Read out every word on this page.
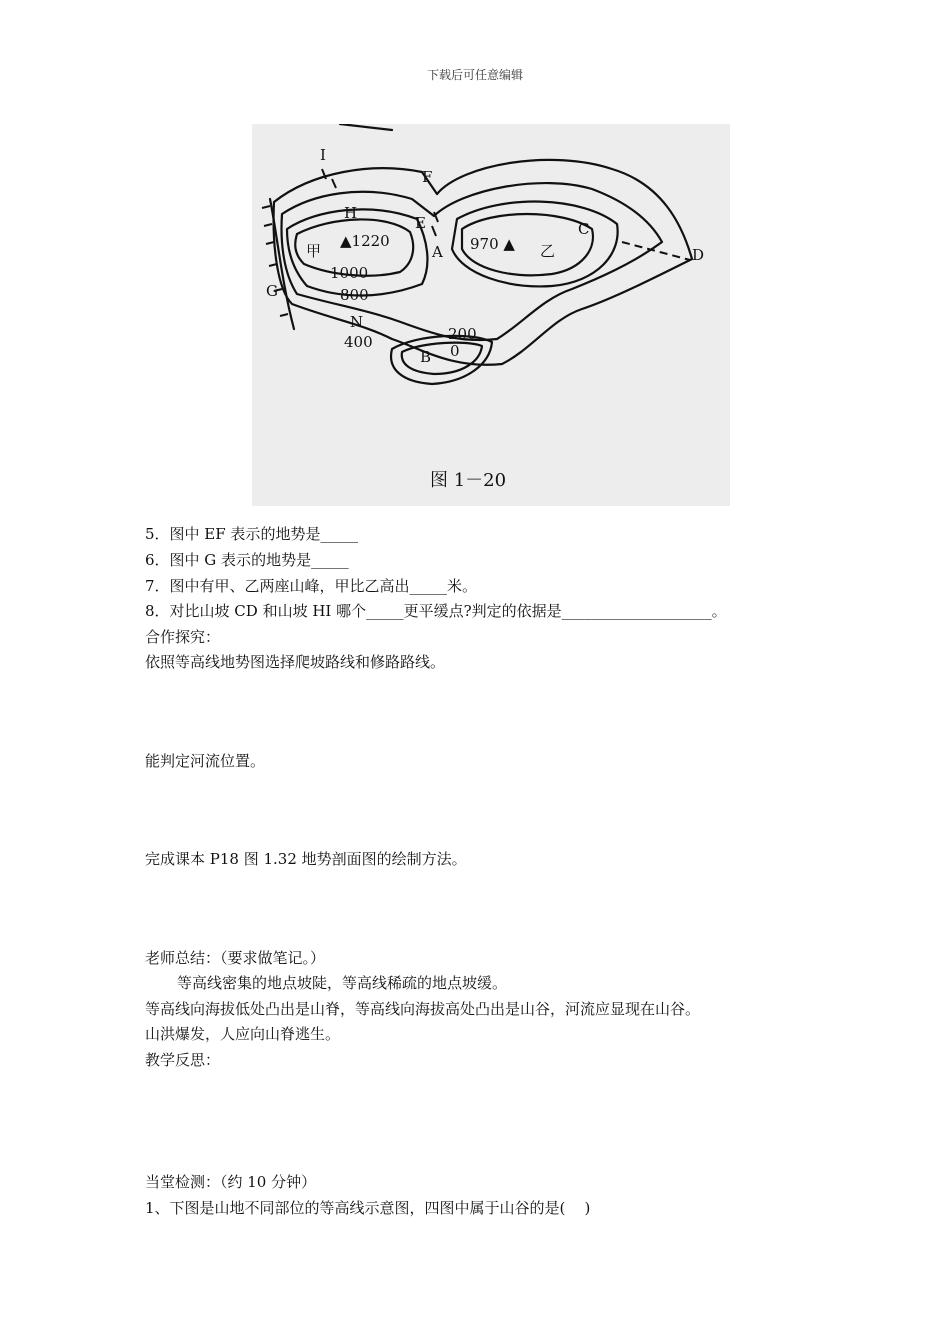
下载后可任意编辑
I
F
H
E
A
C
D
G
N
B
甲	乙
▲1220	970 ▲
1000
800
400	200
0
图 1－20
5．图中 EF 表示的地势是_____
6．图中 G 表示的地势是_____
7．图中有甲、乙两座山峰，甲比乙高出_____米。
8．对比山坡 CD 和山坡 HI 哪个_____更平缓点?判定的依据是____________________。
合作探究：
依照等高线地势图选择爬坡路线和修路路线。
能判定河流位置。
完成课本 P18 图 1.32 地势剖面图的绘制方法。
老师总结：（要求做笔记。）
等高线密集的地点坡陡，等高线稀疏的地点坡缓。
等高线向海拔低处凸出是山脊，等高线向海拔高处凸出是山谷，河流应显现在山谷。
山洪爆发，人应向山脊逃生。
教学反思：
当堂检测：（约 10 分钟）
1、下图是山地不同部位的等高线示意图，四图中属于山谷的是(    )
